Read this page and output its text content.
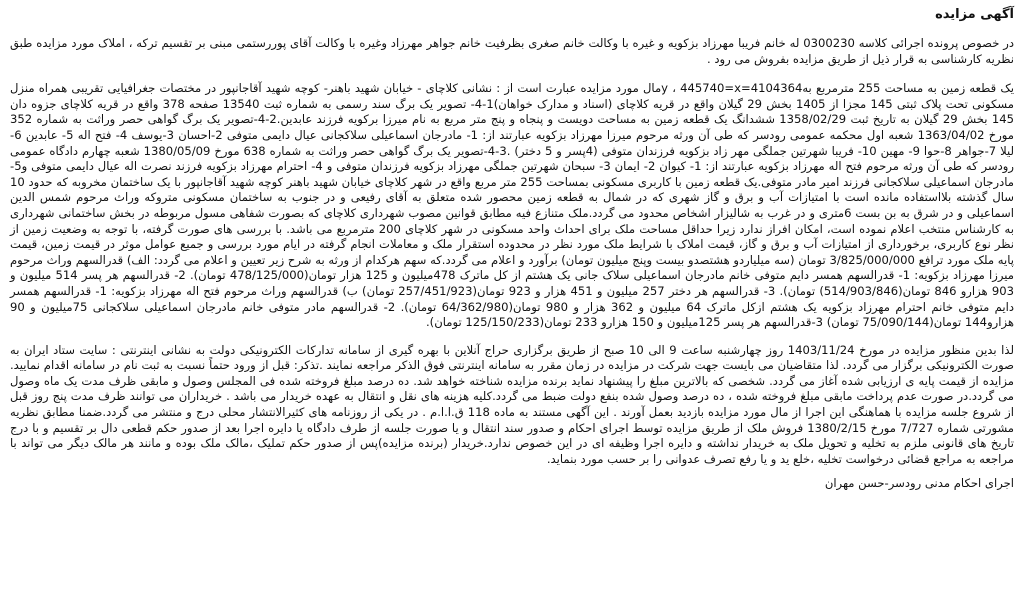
آگهی مزایده

در خصوص پرونده اجرائی کلاسه 0300230 له خانم فریبا مهرزاد بزکویه و غیره با وکالت خانم صغری بظرفیت خانم جواهر مهرزاد وغیره با وکالت آقای پوررستمی مبنی بر تقسیم ترکه ، املاک مورد مزایده طبق نظریه کارشناسی به قرار ذیل از طریق مزایده بفروش می رود .

یک قطعه زمین به مساحت 255 مترمربع به4104364=y ، 445740=xمال مورد مزایده عبارت است از : نشانی کلاچای - خیابان شهید باهنر- کوچه شهید آقاجانپور در مختصات جغرافیایی تقریبی همراه منزل مسکونی تحت پلاک ثبتی 145 مجزا از 1405 بخش 29 گیلان واقع در قریه کلاچای (اسناد و مدارک خواهان)1-4- تصویر یک برگ سند رسمی به شماره ثبت 13540 صفحه 378 واقع در قریه کلاچای جزوه دان 145 بخش 29 گیلان به تاریخ ثبت 1358/02/29 ششدانگ یک قطعه زمین به مساحت دویست و پنجاه و پنج متر مربع به نام میرزا برکویه فرزند عابدین.2-4-تصویر یک برگ گواهی حصر وراثت به شماره 352 مورخ 1363/04/02 شعبه اول محکمه عمومی رودسر که طی آن ورثه مرحوم میرزا مهرزاد بزکویه عبارتند از: 1- مادرجان اسماعیلی سلاکجانی عیال دایمی متوفی 2-احسان 3-یوسف 4- فتح اله 5- عابدین 6- لیلا 7-جواهر 8-حوا 9- مهین 10- فریبا شهرتین جملگی مهر زاد بزکویه فرزندان متوفی (4پسر و 5 دختر) .3-4-تصویر یک برگ گواهی حصر وراثت به شماره 638 مورخ 1380/05/09 شعبه چهارم دادگاه عمومی رودسر که طی آن ورثه مرحوم فتح اله مهرزاد بزکویه عبارتند از: 1- کیوان 2- ایمان 3- سبحان شهرتین جملگی مهرزاد بزکویه فرزندان متوفی و 4- احترام مهرزاد بزکویه فرزند نصرت اله عیال دایمی متوفی و5- مادرجان اسماعیلی سلاکجانی فرزند امیر مادر متوفی.یک قطعه زمین با کاربری مسکونی بمساحت 255 متر مربع واقع در شهر کلاچای خیابان شهید باهنر کوچه شهید آقاجانپور با یک ساختمان مخروبه که حدود 10 سال گذشته بلااستفاده مانده است با امتیازات آب و برق و گاز شهری که در شمال به قطعه زمین محصور شده متعلق به آقای رفیعی و در جنوب به ساختمان مسکونی متروکه وراث مرحوم شمس الدین اسماعیلی و در شرق به بن بست 6متری و در غرب به شالیزار اشخاص محدود می گردد.ملک متنازع فیه مطابق قوانین مصوب شهرداری کلاچای که بصورت شفاهی مسول مربوطه در بخش ساختمانی شهرداری به کارشناس منتخب اعلام نموده است، امکان افراز ندارد زیرا حداقل مساحت ملک برای احداث واحد مسکونی در شهر کلاچای 200 مترمربع می باشد. با بررسی های صورت گرفته، با توجه به وضعیت زمین از نظر نوع کاربری، برخورداری از امتیازات آب و برق و گاز، قیمت املاک با شرایط ملک مورد نظر در محدوده استقرار ملک و معاملات انجام گرفته در ایام مورد بررسی و جمیع عوامل موثر در قیمت زمین، قیمت پایه ملک مورد ترافع 3/825/000/000 تومان (سه میلیاردو هشتصدو بیست وپنج میلیون تومان) برآورد و اعلام می گردد.که سهم هرکدام از ورثه به شرح زیر تعیین و اعلام می گردد: الف) قدرالسهم وراث مرحوم میرزا مهرزاد بزکویه: 1- قدرالسهم همسر دایم متوفی خانم مادرجان اسماعیلی سلاک جانی یک هشتم از کل ماترک 478میلیون و 125 هزار تومان(478/125/000 تومان). 2- قدرالسهم هر پسر 514 میلیون و 903 هزارو 846 تومان(514/903/846) تومان). 3- قدرالسهم هر دختر 257 میلیون و 451 هزار و 923 تومان(257/451/923 تومان) ب) قدرالسهم وراث مرحوم فتح اله مهرزاد بزکویه: 1- قدرالسهم همسر دایم متوفی خانم احترام مهرزاد بزکویه یک هشتم ازکل ماترک 64 میلیون و 362 هزار و 980 تومان(64/362/980 تومان). 2- قدرالسهم مادر متوفی خانم مادرجان اسماعیلی سلاکجانی 75میلیون و 90 هزارو144 تومان(75/090/144 تومان) 3-قدرالسهم هر پسر 125میلیون و 150 هزارو 233 تومان(125/150/233 تومان).

لذا بدین منظور مزایده در مورخ 1403/11/24 روز چهارشنبه ساعت 9 الی 10 صبح از طریق برگزاری حراج آنلاین با بهره گیری از سامانه تدارکات الکترونیکی دولت به نشانی اینترنتی : سایت ستاد ایران به صورت الکترونیکی برگزار می گردد. لذا متقاضیان می بایست جهت شرکت در مزایده در زمان مقرر به سامانه اینترنتی فوق الذکر مراجعه نمایند .تذکر: قبل از ورود حتماً نسبت به ثبت نام در سامانه اقدام نمایید. مزایده از قیمت پایه ی ارزیابی شده آغاز می گردد. شخصی که بالاترین مبلغ را پیشنهاد نماید برنده مزایده شناخته خواهد شد. ده درصد مبلغ فروخته شده فی المجلس وصول و مابقی ظرف مدت یک ماه وصول می گردد.در صورت عدم پرداخت مابقی مبلغ فروخته شده ، ده درصد وصول شده بنفع دولت ضبط می گردد.کلیه هزینه های نقل و انتقال به عهده خریدار می باشد . خریداران می توانند ظرف مدت پنج روز قبل از شروع جلسه مزایده با هماهنگی این اجرا از مال مورد مزایده بازدید بعمل آورند . این آگهی مستند به ماده 118 ق.ا.ا.م . در یکی از روزنامه های کثیرالانتشار محلی درج و منتشر می گردد.ضمنا مطابق نظریه مشورتی شماره 7/727 مورخ 1380/2/15 فروش ملک از طریق مزایده توسط اجرای احکام و صدور سند انتقال و یا صورت جلسه از طرف دادگاه یا دایره اجرا بعد از صدور حکم قطعی دال بر تقسیم و با درج تاریخ های قانونی ملزم به تخلیه و تحویل ملک به خریدار نداشته و دایره اجرا وظیفه ای در این خصوص ندارد.خریدار (برنده مزایده)پس از صدور حکم تملیک ،مالک ملک بوده و مانند هر مالک دیگر می تواند با مراجعه به مراجع قضائی درخواست تخلیه ،خلع ید و یا رفع تصرف عدوانی را بر حسب مورد بنماید.

اجرای احکام مدنی رودسر-حسن مهران
